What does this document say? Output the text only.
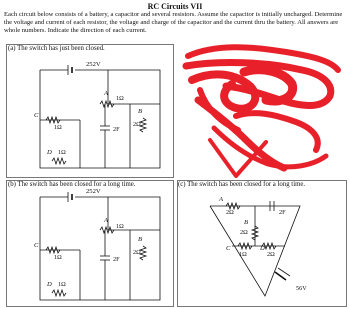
RC Circuits VII
Each circuit below consists of a battery, a capacitor and several resistors. Assume the capacitor is initially uncharged. Determine the voltage and current of each resistor, the voltage and charge of the capacitor and the current thru the battery. All answers are whole numbers. Indicate the direction of each current.
(a) The switch has just been closed.
(b) The switch has been closed for a long time.	(c) The switch has been closed for a long time.
252V
A
1Ω
B
2Ω
C
1Ω
D 1Ω
2F
252V
A
1Ω
B
2Ω
C
1Ω
D 1Ω
2F
A
2Ω
B
2Ω
C
1Ω
D
2Ω
2F
56V
